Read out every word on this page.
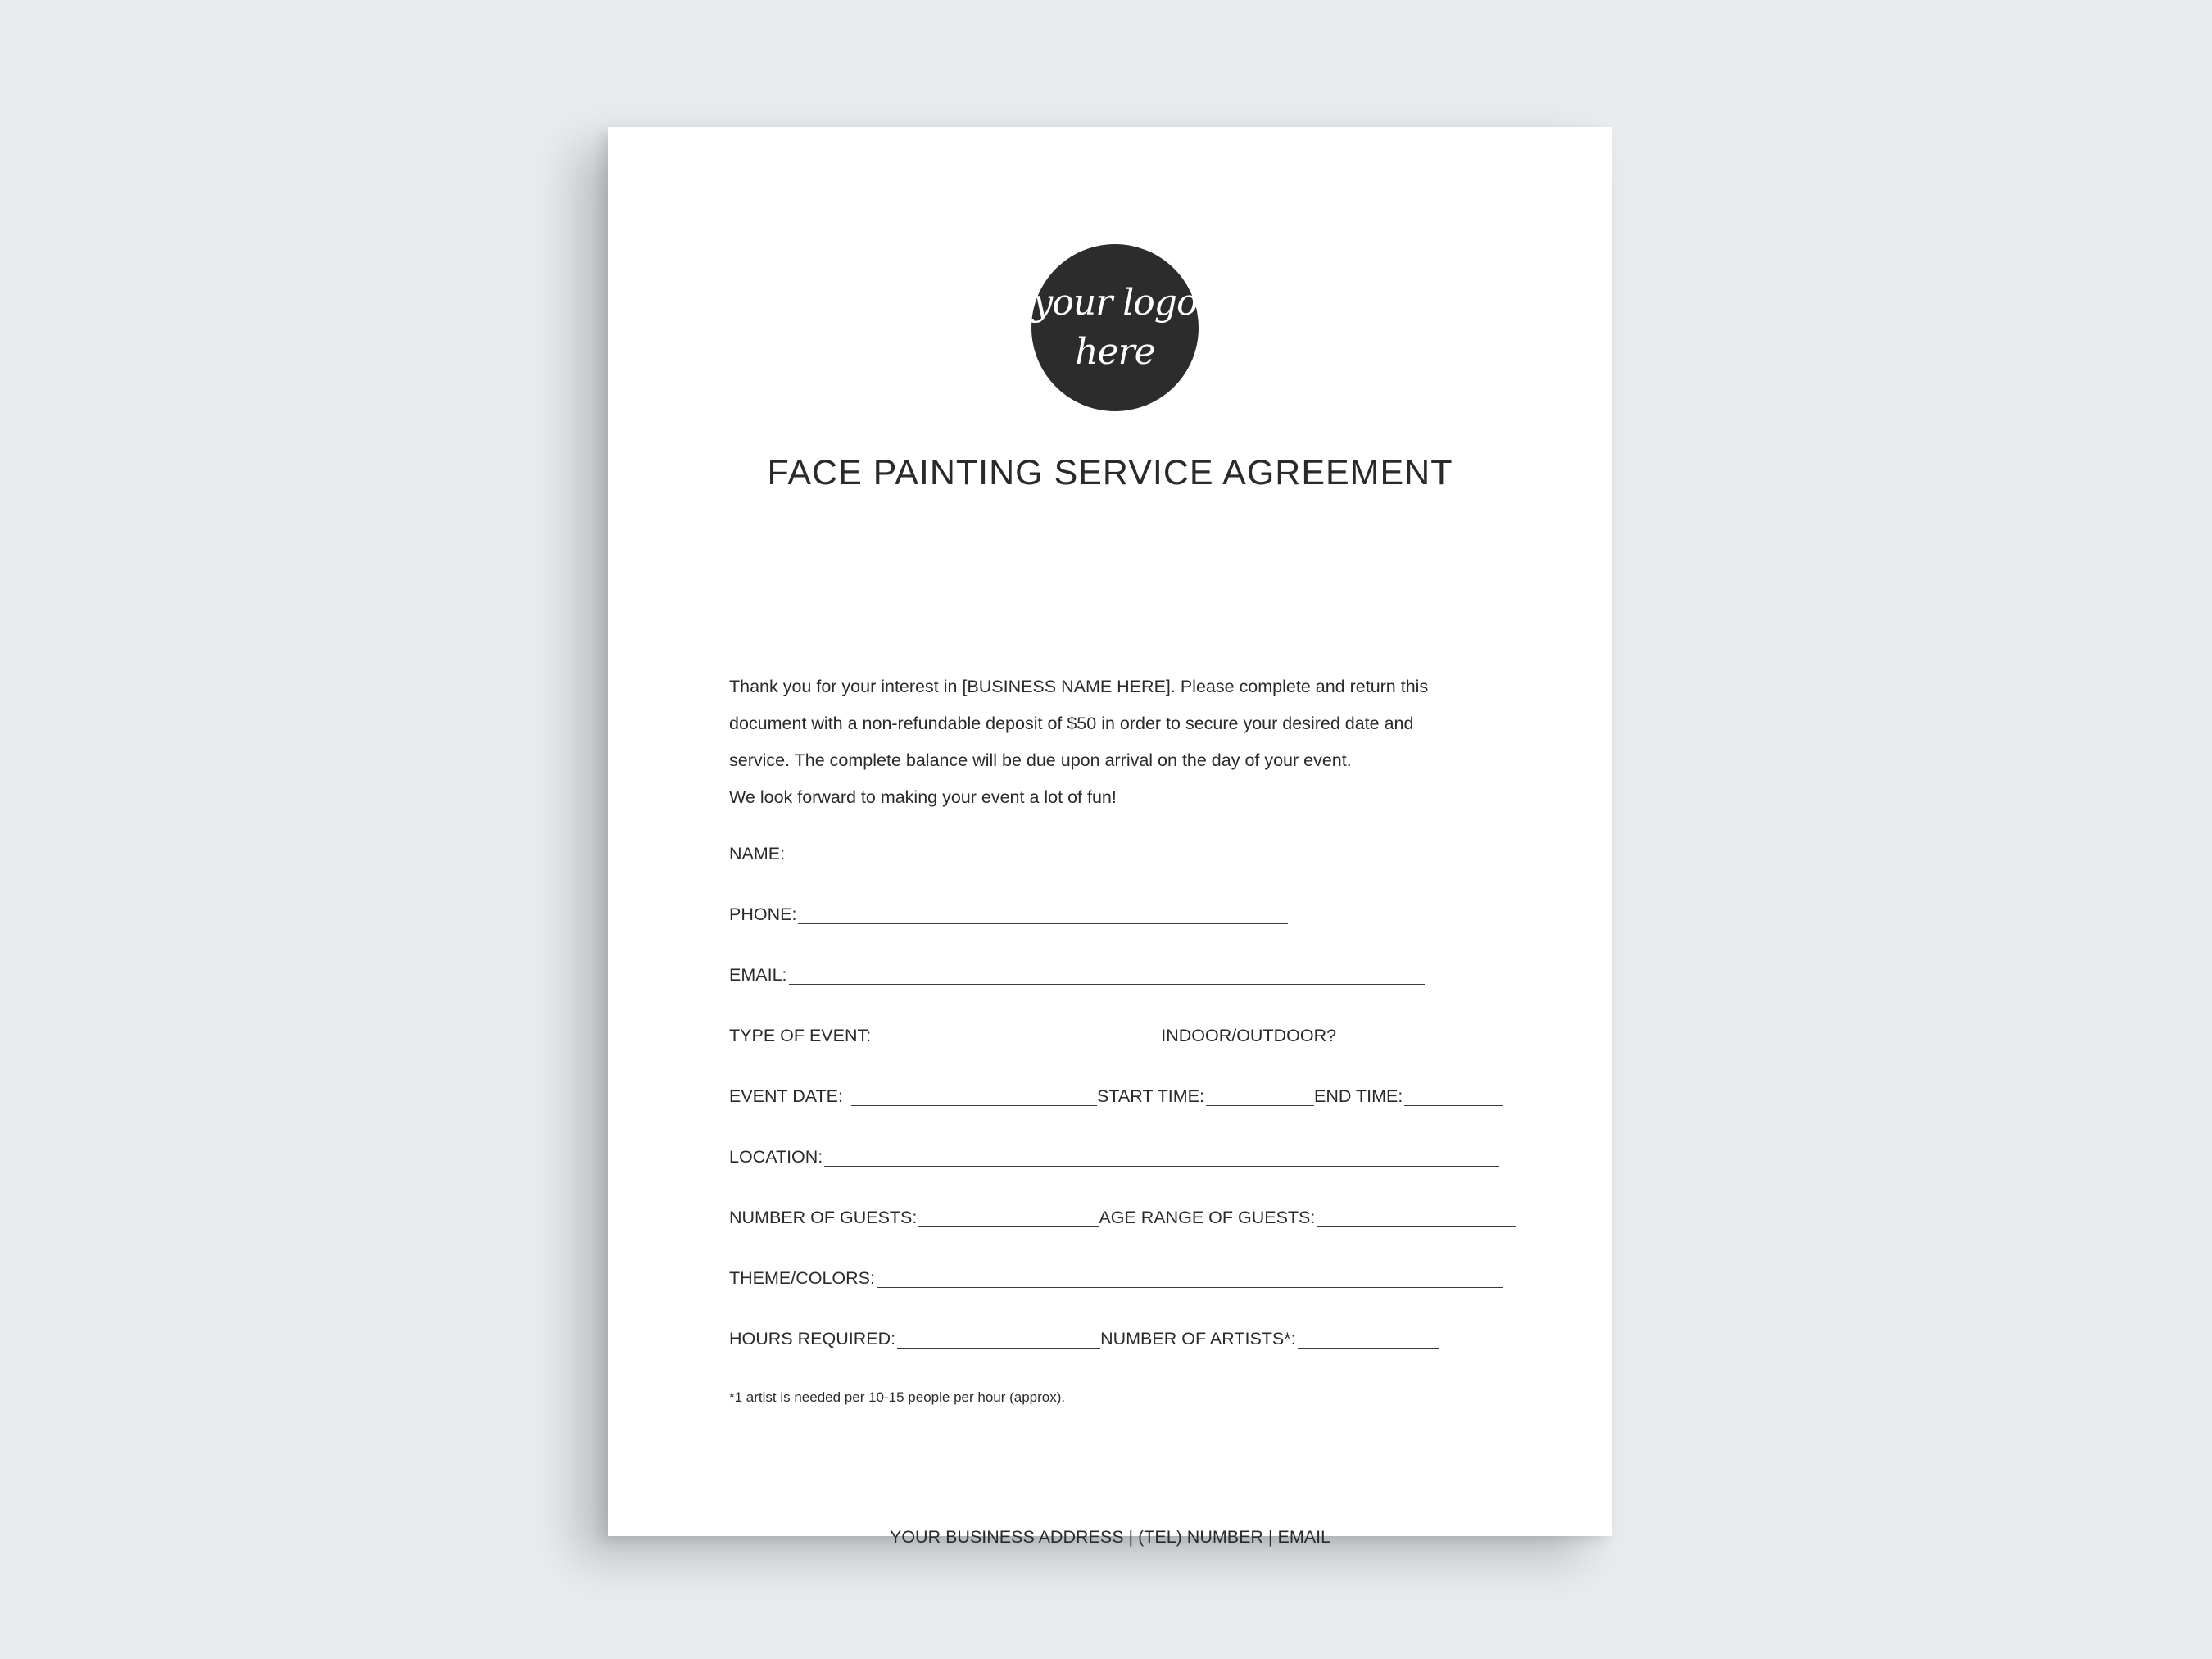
your logo
here
FACE PAINTING SERVICE AGREEMENT

Thank you for your interest in [BUSINESS NAME HERE]. Please complete and return this

document with a non-refundable deposit of $50 in order to secure your desired date and

service. The complete balance will be due upon arrival on the day of your event.

We look forward to making your event a lot of fun!

NAME:
PHONE:
EMAIL:
TYPE OF EVENT:	INDOOR/OUTDOOR?
EVENT DATE:	START TIME:	END TIME:
LOCATION:
NUMBER OF GUESTS:	AGE RANGE OF GUESTS:
THEME/COLORS:
HOURS REQUIRED:	NUMBER OF ARTISTS*:
*1 artist is needed per 10-15 people per hour (approx).
YOUR BUSINESS ADDRESS | (TEL) NUMBER | EMAIL
